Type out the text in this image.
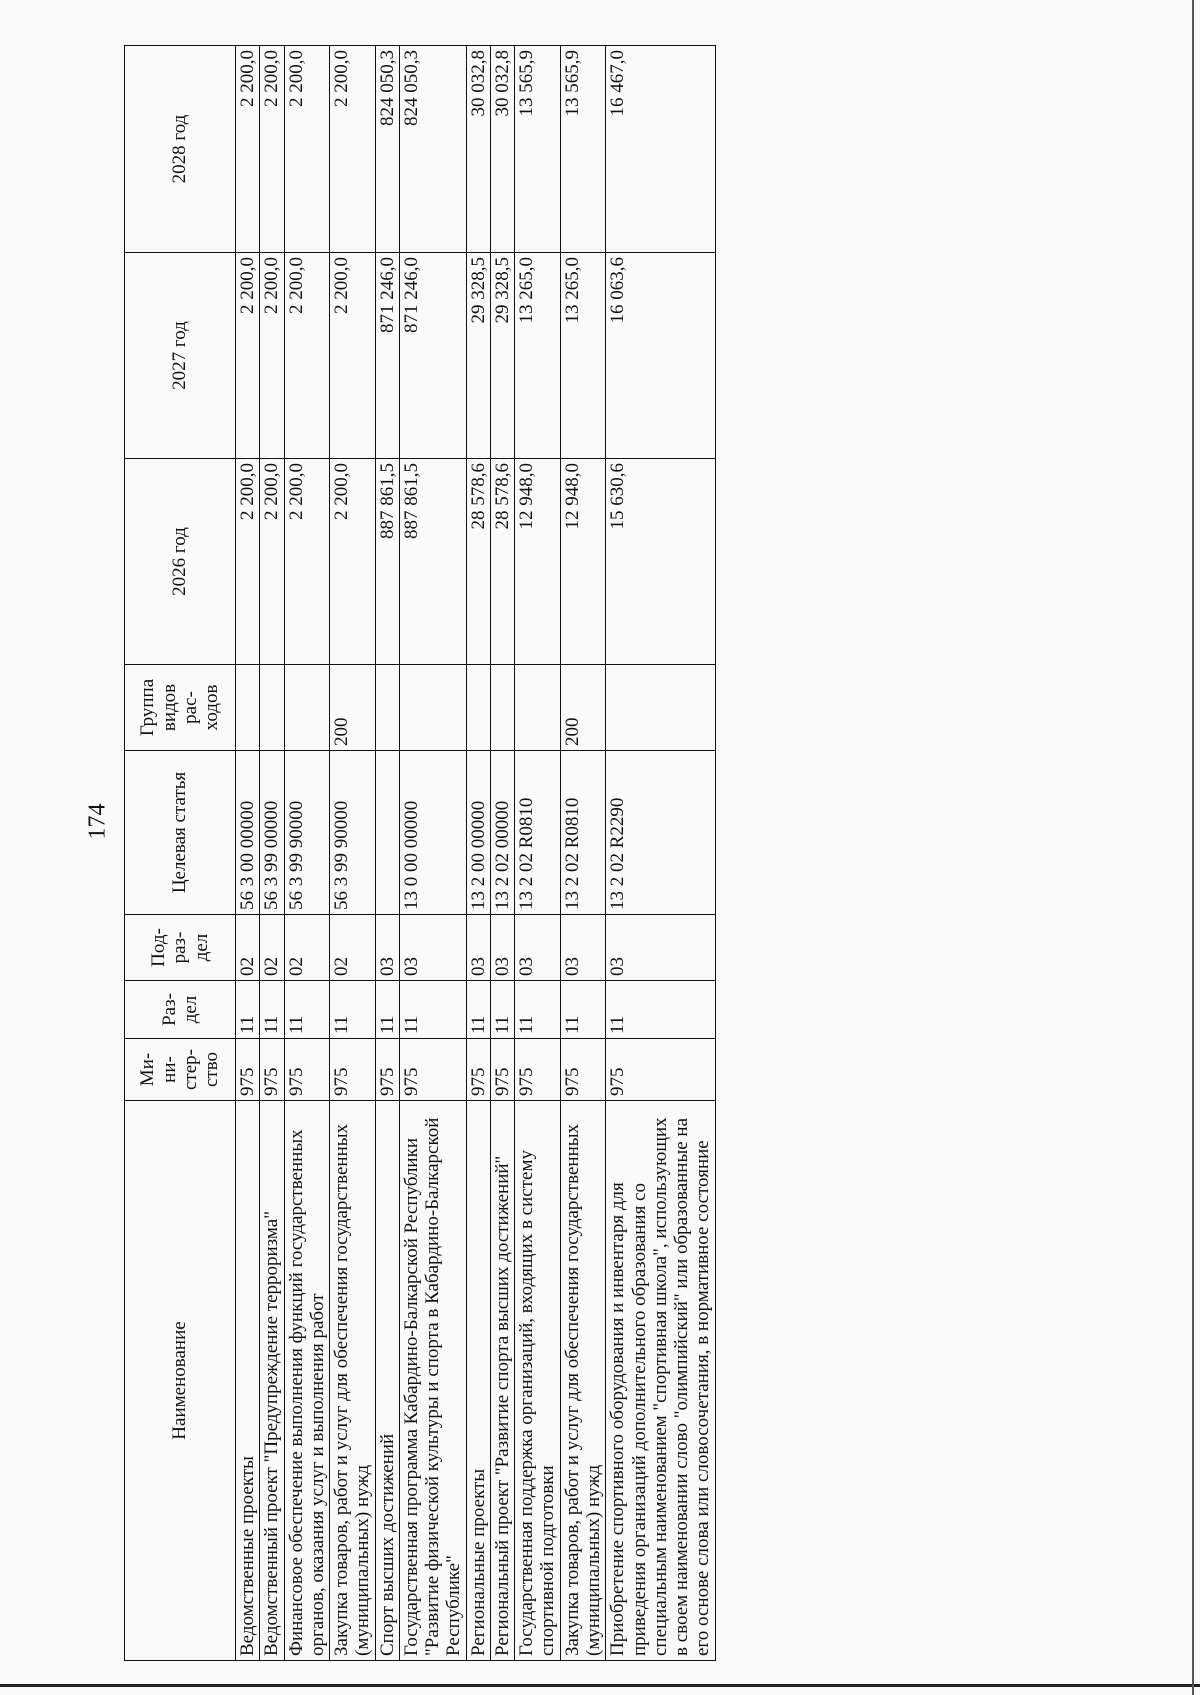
174
Наименование	Ми-ни-стер-ство	Раз-дел	Под-раз-дел	Целевая статья	Группа видов рас-ходов	2026 год	2027 год	2028 год
Ведомственные проекты	975	11	02	56 3 00 00000		2 200,0	2 200,0	2 200,0
Ведомственный проект "Предупреждение терроризма"	975	11	02	56 3 99 00000		2 200,0	2 200,0	2 200,0
Финансовое обеспечение выполнения функций государственных органов, оказания услуг и выполнения работ	975	11	02	56 3 99 90000		2 200,0	2 200,0	2 200,0
Закупка товаров, работ и услуг для обеспечения государственных (муниципальных) нужд	975	11	02	56 3 99 90000	200	2 200,0	2 200,0	2 200,0
Спорт высших достижений	975	11	03			887 861,5	871 246,0	824 050,3
Государственная программа Кабардино-Балкарской Республики "Развитие физической культуры и спорта в Кабардино-Балкарской Республике"	975	11	03	13 0 00 00000		887 861,5	871 246,0	824 050,3
Региональные проекты	975	11	03	13 2 00 00000		28 578,6	29 328,5	30 032,8
Региональный проект "Развитие спорта высших достижений"	975	11	03	13 2 02 00000		28 578,6	29 328,5	30 032,8
Государственная поддержка организаций, входящих в систему спортивной подготовки	975	11	03	13 2 02 R0810		12 948,0	13 265,0	13 565,9
Закупка товаров, работ и услуг для обеспечения государственных (муниципальных) нужд	975	11	03	13 2 02 R0810	200	12 948,0	13 265,0	13 565,9
Приобретение спортивного оборудования и инвентаря для приведения организаций дополнительного образования со специальным наименованием "спортивная школа", использующих в своем наименовании слово "олимпийский" или образованные на его основе слова или словосочетания, в нормативное состояние	975	11	03	13 2 02 R2290		15 630,6	16 063,6	16 467,0
